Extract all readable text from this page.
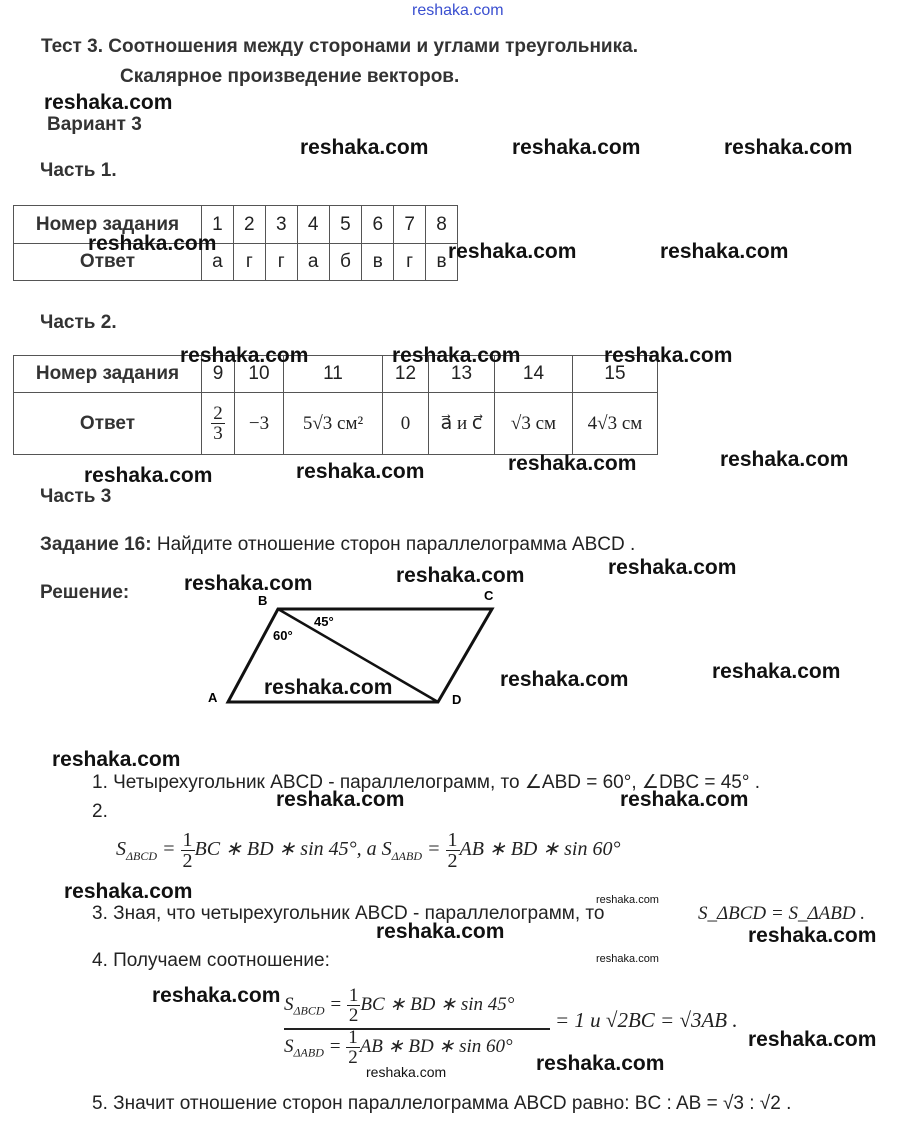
Тест 3. Соотношения между сторонами и углами треугольника.
Скалярное произведение векторов.
Вариант 3
Часть 1.
Номер задания	1	2	3	4	5	6	7	8
Ответ	а	г	г	а	б	в	г	в
Часть 2.
Номер задания	9	10	11	12	13	14	15
Ответ	$\frac{2}{3}$	−3	5√3 см²	0	a⃗ и c⃗	√3 см	4√3 см
Часть 3
Задание 16: Найдите отношение сторон параллелограмма ABCD .
Решение:	B	C
A	D
60°
45°
1. Четырехугольник ABCD - параллелограмм, то ∠ABD = 60°, ∠DBC = 45° .
2.
$S_{\Delta BCD} = \frac{1}{2}$ BC ∗ BD ∗ sin 45°, а $S_{\Delta ABD} = \frac{1}{2}$ AB ∗ BD ∗ sin 60°
3. Зная, что четырехугольник ABCD - параллелограмм, то	S_ΔBCD = S_ΔABD .
4. Получаем соотношение:
$S_{\Delta BCD} = \frac{1}{2}$ BC ∗ BD ∗ sin 45°
$S_{\Delta ABD} = \frac{1}{2}$ AB ∗ BD ∗ sin 60°
= 1 и √2BC = √3AB .
5. Значит отношение сторон параллелограмма ABCD равно: BC : AB = √3 : √2 .
reshaka.com
reshaka.com
reshaka.com	reshaka.com	reshaka.com
reshaka.com	reshaka.com	reshaka.com
reshaka.com	reshaka.com	reshaka.com
reshaka.com	reshaka.com	reshaka.com	reshaka.com
reshaka.com	reshaka.com	reshaka.com
reshaka.com	reshaka.com	reshaka.com
reshaka.com
reshaka.com	reshaka.com
reshaka.com	reshaka.com
reshaka.com	reshaka.com
reshaka.com
reshaka.com
reshaka.com
reshaka.com
reshaka.com
